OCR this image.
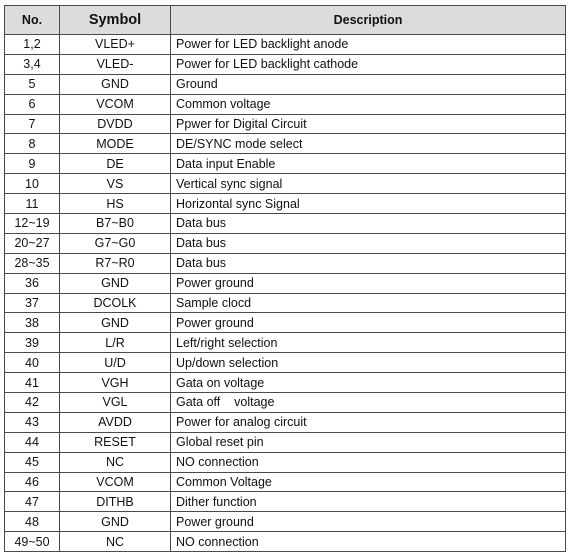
No.	Symbol	Description
1,2	VLED+	Power for LED backlight anode
3,4	VLED-	Power for LED backlight cathode
5	GND	Ground
6	VCOM	Common voltage
7	DVDD	Ppwer for Digital Circuit
8	MODE	DE/SYNC mode select
9	DE	Data input Enable
10	VS	Vertical sync signal
11	HS	Horizontal sync Signal
12~19	B7~B0	Data bus
20~27	G7~G0	Data bus
28~35	R7~R0	Data bus
36	GND	Power ground
37	DCOLK	Sample clocd
38	GND	Power ground
39	L/R	Left/right selection
40	U/D	Up/down selection
41	VGH	Gata on voltage
42	VGL	Gata off    voltage
43	AVDD	Power for analog circuit
44	RESET	Global reset pin
45	NC	NO connection
46	VCOM	Common Voltage
47	DITHB	Dither function
48	GND	Power ground
49~50	NC	NO connection
